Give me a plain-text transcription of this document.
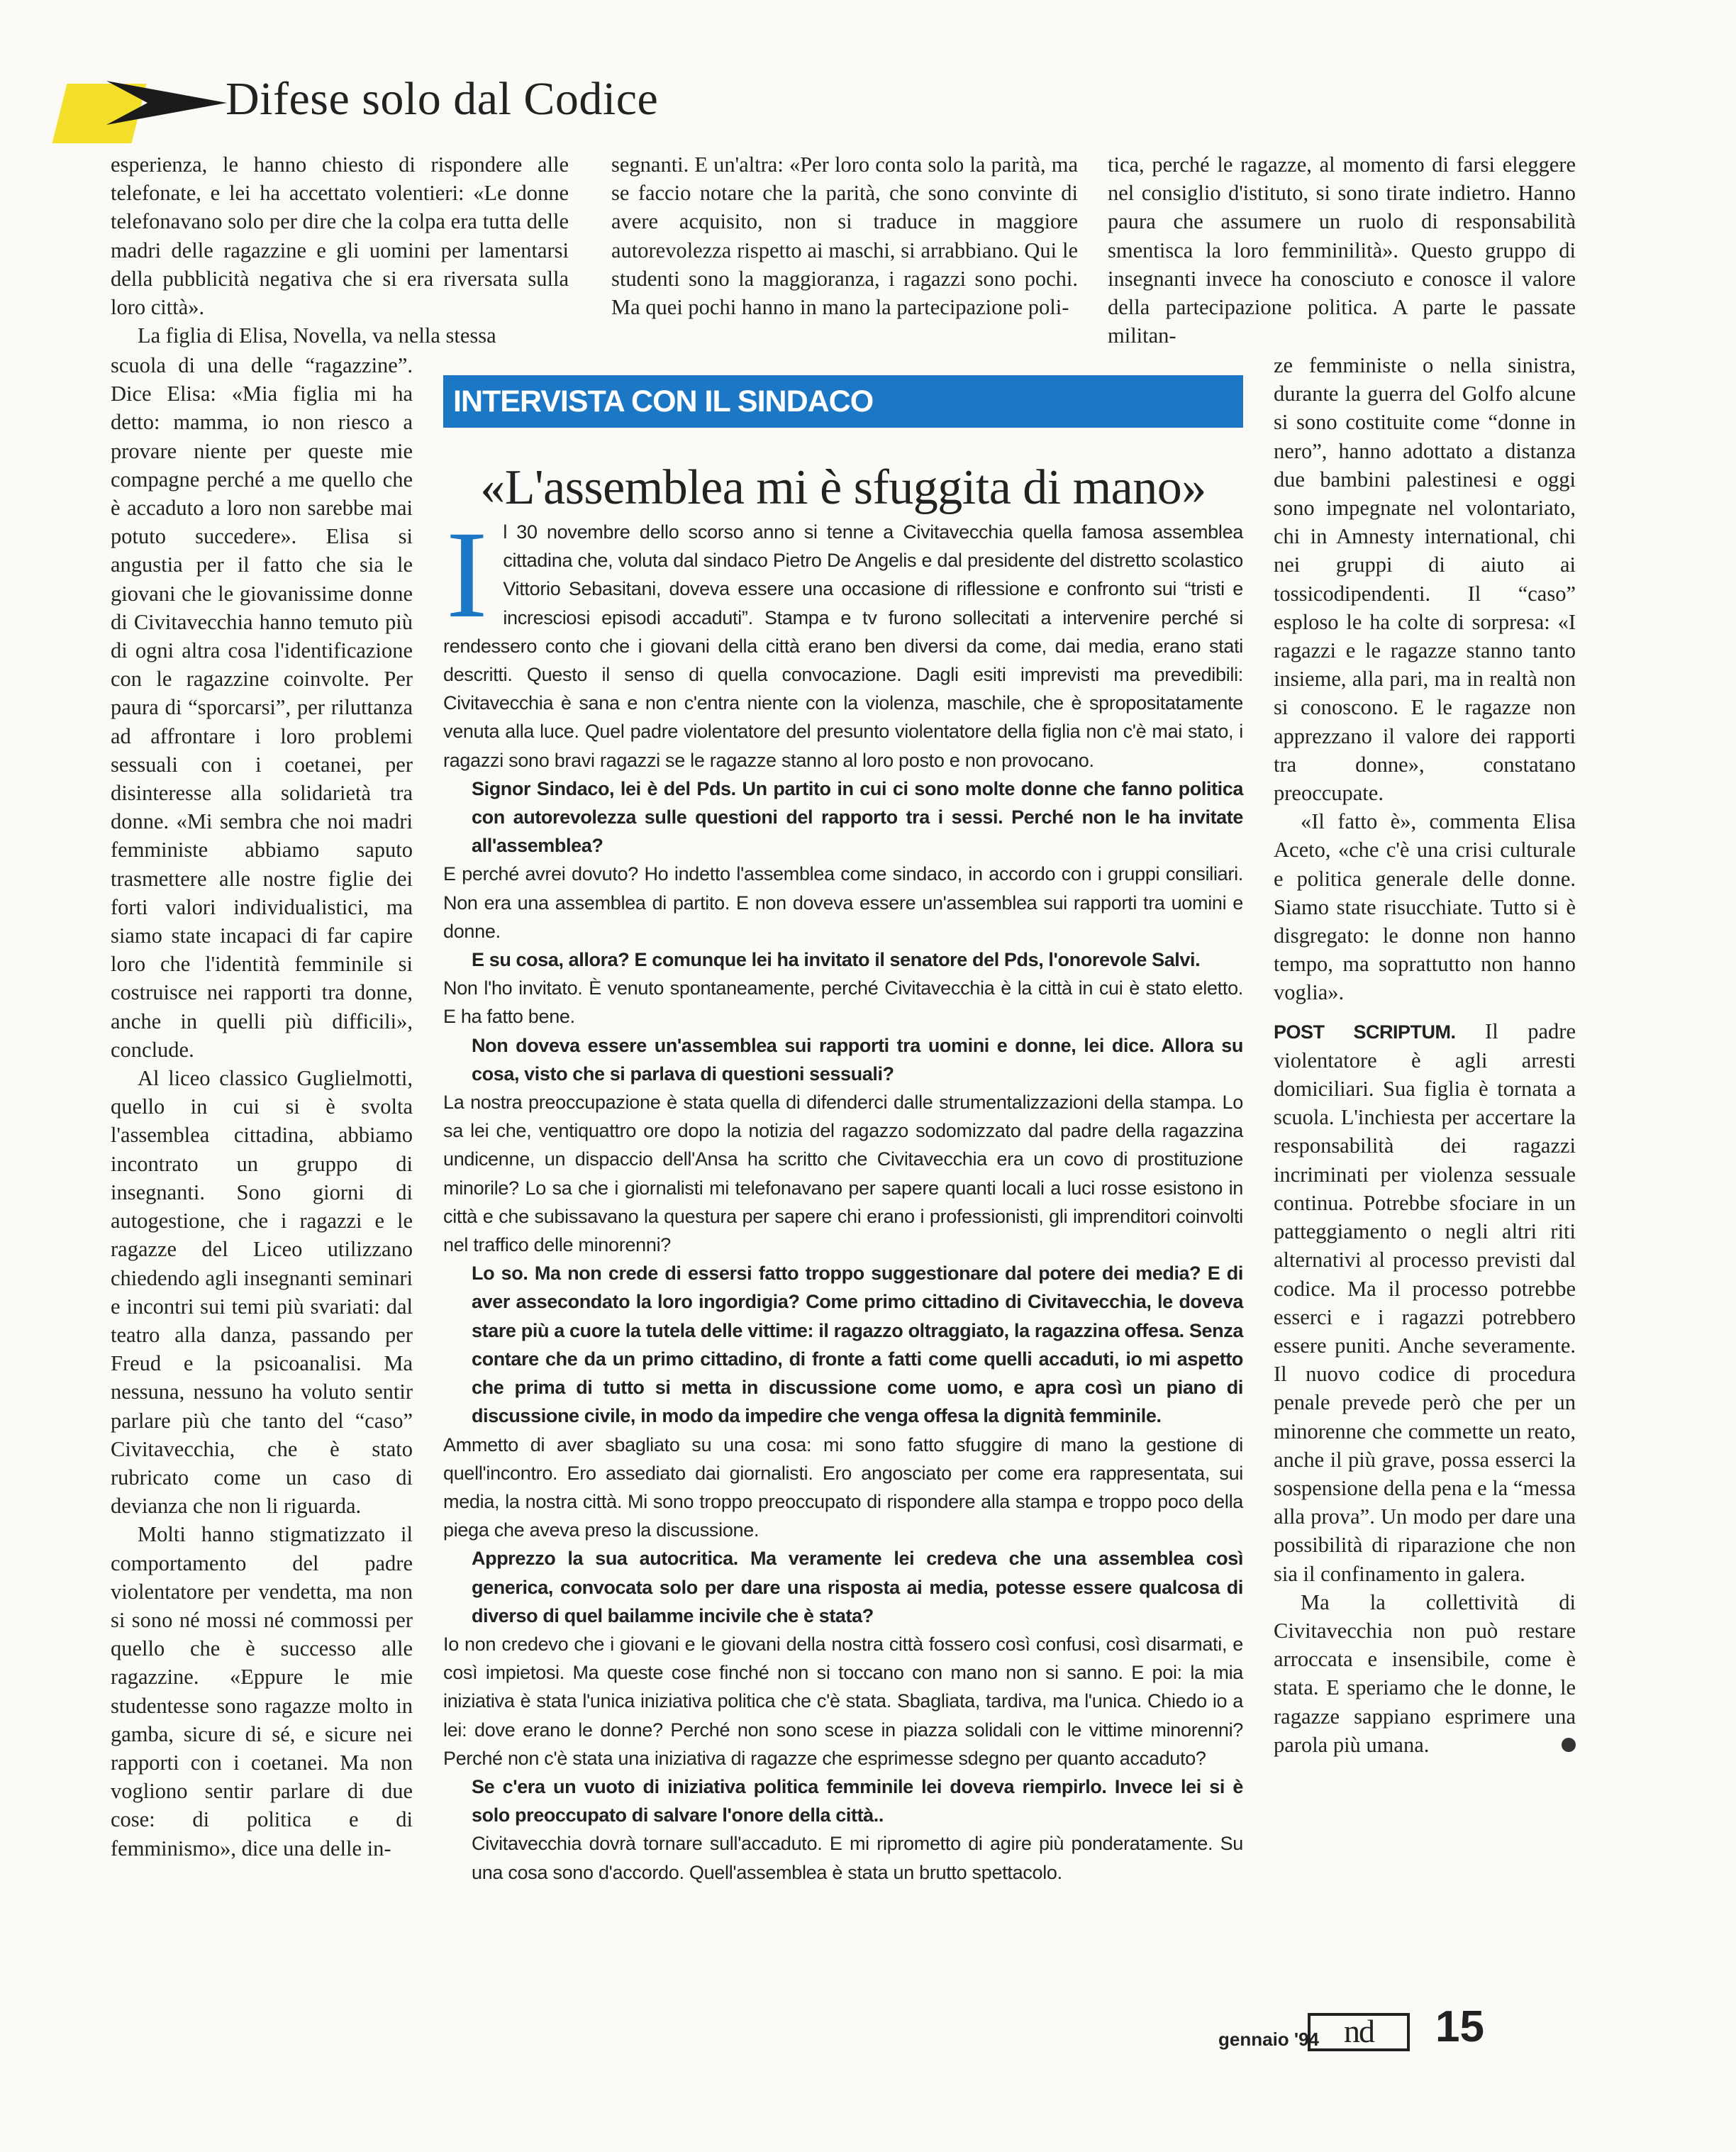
Difese solo dal Codice

esperienza, le hanno chiesto di rispondere alle telefonate, e lei ha accettato volentieri: «Le donne telefonavano solo per dire che la colpa era tutta delle madri delle ragazzine e gli uomini per lamentarsi della pubblicità negativa che si era riversata sulla loro città».

La figlia di Elisa, Novella, va nella stessa

scuola di una delle “ragazzine”. Dice Elisa: «Mia figlia mi ha detto: mamma, io non riesco a provare niente per queste mie compagne perché a me quello che è accaduto a loro non sarebbe mai potuto succedere». Elisa si angustia per il fatto che sia le giovani che le giovanissime donne di Civitavecchia hanno temuto più di ogni altra cosa l'identificazione con le ragazzine coinvolte. Per paura di “sporcarsi”, per riluttanza ad affrontare i loro problemi sessuali con i coetanei, per disinteresse alla solidarietà tra donne. «Mi sembra che noi madri femministe abbiamo saputo trasmettere alle nostre figlie dei forti valori individualistici, ma siamo state incapaci di far capire loro che l'identità femminile si costruisce nei rapporti tra donne, anche in quelli più difficili», conclude.

Al liceo classico Guglielmotti, quello in cui si è svolta l'assemblea cittadina, abbiamo incontrato un gruppo di insegnanti. Sono giorni di autogestione, che i ragazzi e le ragazze del Liceo utilizzano chiedendo agli insegnanti seminari e incontri sui temi più svariati: dal teatro alla danza, passando per Freud e la psicoanalisi. Ma nessuna, nessuno ha voluto sentir parlare più che tanto del “caso” Civitavecchia, che è stato rubricato come un caso di devianza che non li riguarda.

Molti hanno stigmatizzato il comportamento del padre violentatore per vendetta, ma non si sono né mossi né commossi per quello che è successo alle ragazzine. «Eppure le mie studentesse sono ragazze molto in gamba, sicure di sé, e sicure nei rapporti con i coetanei. Ma non vogliono sentir parlare di due cose: di politica e di femminismo», dice una delle in-

segnanti. E un'altra: «Per loro conta solo la parità, ma se faccio notare che la parità, che sono convinte di avere acquisito, non si traduce in maggiore autorevolezza rispetto ai maschi, si arrabbiano. Qui le studenti sono la maggioranza, i ragazzi sono pochi. Ma quei pochi hanno in mano la partecipazione poli-

tica, perché le ragazze, al momento di farsi eleggere nel consiglio d'istituto, si sono tirate indietro. Hanno paura che assumere un ruolo di responsabilità smentisca la loro femminilità». Questo gruppo di insegnanti invece ha conosciuto e conosce il valore della partecipazione politica. A parte le passate militan-

ze femministe o nella sinistra, durante la guerra del Golfo alcune si sono costituite come “donne in nero”, hanno adottato a distanza due bambini palestinesi e oggi sono impegnate nel volontariato, chi in Amnesty international, chi nei gruppi di aiuto ai tossicodipendenti. Il “caso” esploso le ha colte di sorpresa: «I ragazzi e le ragazze stanno tanto insieme, alla pari, ma in realtà non si conoscono. E le ragazze non apprezzano il valore dei rapporti tra donne», constatano preoccupate.

«Il fatto è», commenta Elisa Aceto, «che c'è una crisi culturale e politica generale delle donne. Siamo state risucchiate. Tutto si è disgregato: le donne non hanno tempo, ma soprattutto non hanno voglia».

POST SCRIPTUM. Il padre violentatore è agli arresti domiciliari. Sua figlia è tornata a scuola. L'inchiesta per accertare la responsabilità dei ragazzi incriminati per violenza sessuale continua. Potrebbe sfociare in un patteggiamento o negli altri riti alternativi al processo previsti dal codice. Ma il processo potrebbe esserci e i ragazzi potrebbero essere puniti. Anche severamente. Il nuovo codice di procedura penale prevede però che per un minorenne che commette un reato, anche il più grave, possa esserci la sospensione della pena e la “messa alla prova”. Un modo per dare una possibilità di riparazione che non sia il confinamento in galera.

Ma la collettività di Civitavecchia non può restare arroccata e insensibile, come è stata. E speriamo che le donne, le ragazze sappiano esprimere una parola più umana.

INTERVISTA CON IL SINDACO
«L'assemblea mi è sfuggita di mano»

Il 30 novembre dello scorso anno si tenne a Civitavecchia quella famosa assemblea cittadina che, voluta dal sindaco Pietro De Angelis e dal presidente del distretto scolastico Vittorio Sebasitani, doveva essere una occasione di riflessione e confronto sui “tristi e incresciosi episodi accaduti”. Stampa e tv furono sollecitati a intervenire perché si rendessero conto che i giovani della città erano ben diversi da come, dai media, erano stati descritti. Questo il senso di quella convocazione. Dagli esiti imprevisti ma prevedibili: Civitavecchia è sana e non c'entra niente con la violenza, maschile, che è spropositatamente venuta alla luce. Quel padre violentatore del presunto violentatore della figlia non c'è mai stato, i ragazzi sono bravi ragazzi se le ragazze stanno al loro posto e non provocano.

Signor Sindaco, lei è del Pds. Un partito in cui ci sono molte donne che fanno politica con autorevolezza sulle questioni del rapporto tra i sessi. Perché non le ha invitate all'assemblea?

E perché avrei dovuto? Ho indetto l'assemblea come sindaco, in accordo con i gruppi consiliari. Non era una assemblea di partito. E non doveva essere un'assemblea sui rapporti tra uomini e donne.

E su cosa, allora? E comunque lei ha invitato il senatore del Pds, l'onorevole Salvi.

Non l'ho invitato. È venuto spontaneamente, perché Civitavecchia è la città in cui è stato eletto. E ha fatto bene.

Non doveva essere un'assemblea sui rapporti tra uomini e donne, lei dice. Allora su cosa, visto che si parlava di questioni sessuali?

La nostra preoccupazione è stata quella di difenderci dalle strumentalizzazioni della stampa. Lo sa lei che, ventiquattro ore dopo la notizia del ragazzo sodomizzato dal padre della ragazzina undicenne, un dispaccio dell'Ansa ha scritto che Civitavecchia era un covo di prostituzione minorile? Lo sa che i giornalisti mi telefonavano per sapere quanti locali a luci rosse esistono in città e che subissavano la questura per sapere chi erano i professionisti, gli imprenditori coinvolti nel traffico delle minorenni?

Lo so. Ma non crede di essersi fatto troppo suggestionare dal potere dei media? E di aver assecondato la loro ingordigia? Come primo cittadino di Civitavecchia, le doveva stare più a cuore la tutela delle vittime: il ragazzo oltraggiato, la ragazzina offesa. Senza contare che da un primo cittadino, di fronte a fatti come quelli accaduti, io mi aspetto che prima di tutto si metta in discussione come uomo, e apra così un piano di discussione civile, in modo da impedire che venga offesa la dignità femminile.

Ammetto di aver sbagliato su una cosa: mi sono fatto sfuggire di mano la gestione di quell'incontro. Ero assediato dai giornalisti. Ero angosciato per come era rappresentata, sui media, la nostra città. Mi sono troppo preoccupato di rispondere alla stampa e troppo poco della piega che aveva preso la discussione.

Apprezzo la sua autocritica. Ma veramente lei credeva che una assemblea così generica, convocata solo per dare una risposta ai media, potesse essere qualcosa di diverso di quel bailamme incivile che è stata?

Io non credevo che i giovani e le giovani della nostra città fossero così confusi, così disarmati, e così impietosi. Ma queste cose finché non si toccano con mano non si sanno. E poi: la mia iniziativa è stata l'unica iniziativa politica che c'è stata. Sbagliata, tardiva, ma l'unica. Chiedo io a lei: dove erano le donne? Perché non sono scese in piazza solidali con le vittime minorenni? Perché non c'è stata una iniziativa di ragazze che esprimesse sdegno per quanto accaduto?

Se c'era un vuoto di iniziativa politica femminile lei doveva riempirlo. Invece lei si è solo preoccupato di salvare l'onore della città..

Civitavecchia dovrà tornare sull'accaduto. E mi riprometto di agire più ponderatamente. Su una cosa sono d'accordo. Quell'assemblea è stata un brutto spettacolo.

gennaio '94 nd	15
